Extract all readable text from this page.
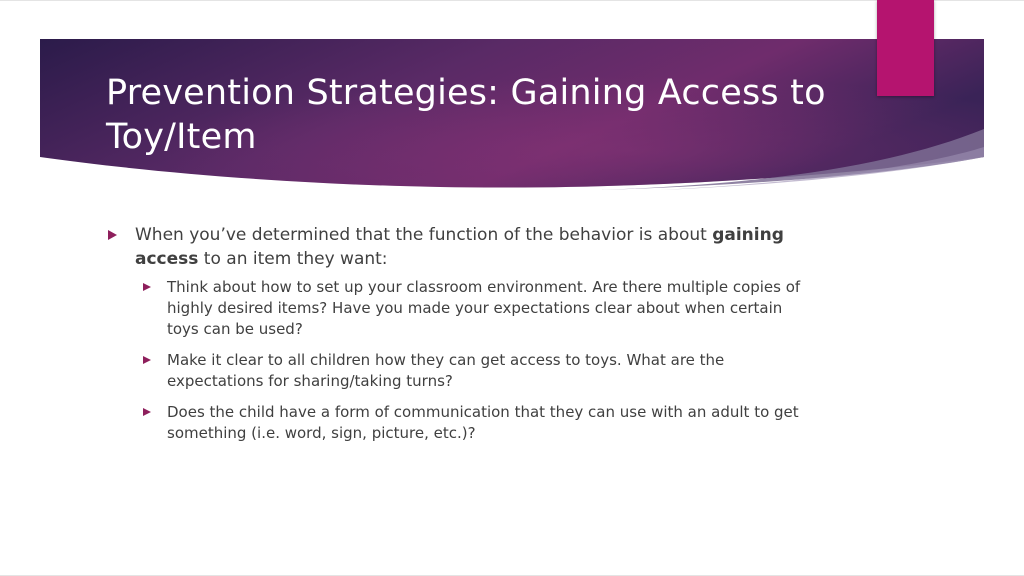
Prevention Strategies: Gaining Access to Toy/Item
When you’ve determined that the function of the behavior is about gaining access to an item they want:
Think about how to set up your classroom environment. Are there multiple copies of highly desired items? Have you made your expectations clear about when certain toys can be used?
Make it clear to all children how they can get access to toys. What are the expectations for sharing/taking turns?
Does the child have a form of communication that they can use with an adult to get something (i.e. word, sign, picture, etc.)?
